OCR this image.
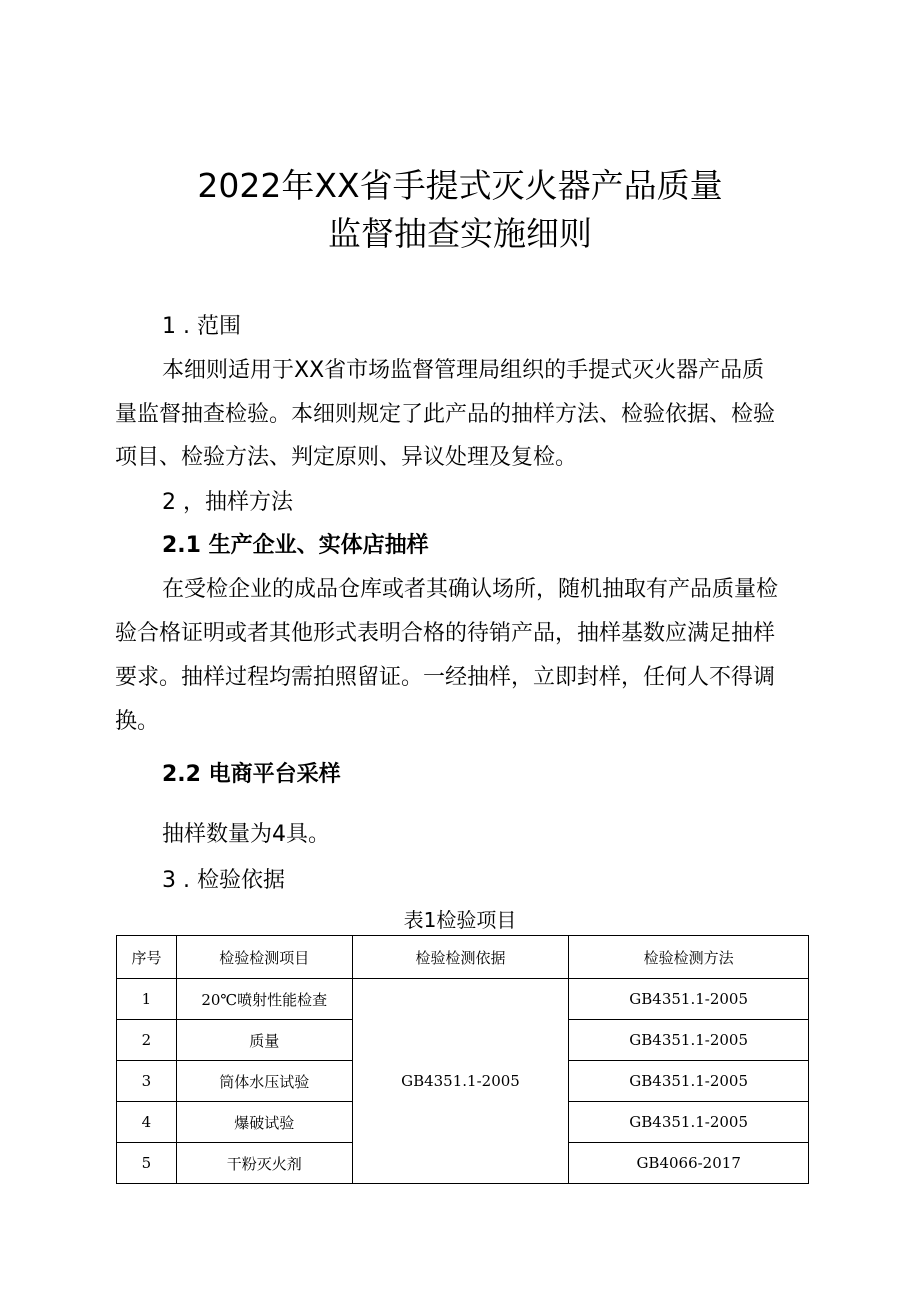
2022年XX省手提式灭火器产品质量
监督抽查实施细则
1 . 范围
本细则适用于XX省市场监督管理局组织的手提式灭火器产品质
量监督抽查检验。本细则规定了此产品的抽样方法、检验依据、检验
项目、检验方法、判定原则、异议处理及复检。
2 ，抽样方法
2.1 生产企业、实体店抽样
在受检企业的成品仓库或者其确认场所，随机抽取有产品质量检
验合格证明或者其他形式表明合格的待销产品，抽样基数应满足抽样
要求。抽样过程均需拍照留证。一经抽样，立即封样，任何人不得调
换。
2.2 电商平台采样
抽样数量为4具。
3 . 检验依据
表1检验项目
序号	检验检测项目	检验检测依据	检验检测方法
1	20℃喷射性能检查	GB4351.1-2005	GB4351.1-2005
2	质量		GB4351.1-2005
3	筒体水压试验		GB4351.1-2005
4	爆破试验		GB4351.1-2005
5	干粉灭火剂		GB4066-2017
